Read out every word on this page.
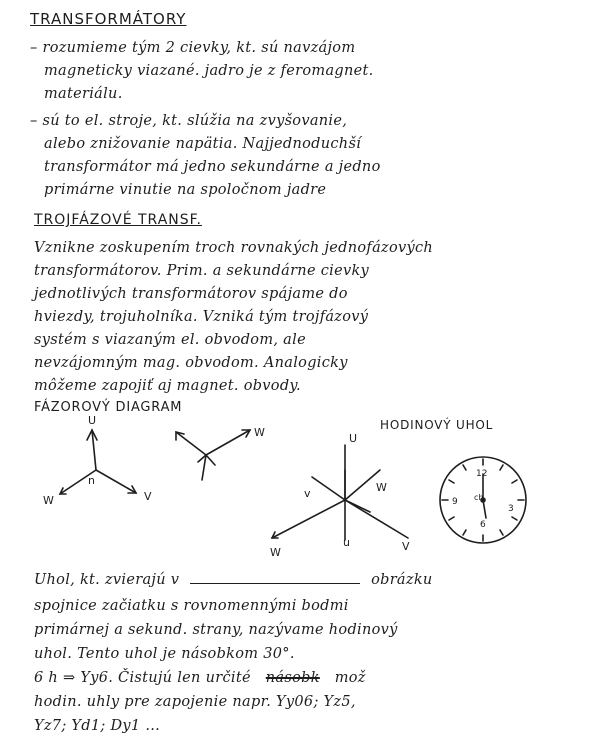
TRANSFORMÁTORY
– rozumieme tým 2 cievky, kt. sú navzájom
magneticky viazané. jadro je z feromagnet.
materiálu.
– sú to el. stroje, kt. slúžia na zvyšovanie,
alebo znižovanie napätia. Najjednoduchší
transformátor má jedno sekundárne a jedno
primárne vinutie na spoločnom jadre
TROJFÁZOVÉ TRANSF.
Vznikne zoskupením troch rovnakých jednofázových
transformátorov. Prim. a sekundárne cievky
jednotlivých transformátorov spájame do
hviezdy, trojuholníka. Vzniká tým trojfázový
systém s viazaným el. obvodom, ale
nevzájomným mag. obvodom. Analogicky
môžeme zapojiť aj magnet. obvody.
FÁZOROVÝ DIAGRAM
HODINOVÝ UHOL
U
W	V
n
W	U
W
v
u	V
W
12
9
3
6
ch
Uhol, kt. zvierajú v	obrázku
spojnice začiatku s rovnomennými bodmi
primárnej a sekund. strany, nazývame hodinový
uhol. Tento uhol je násobkom 30°.
6 h ⇒ Yy6. Čistujú len určité násobk mož
hodin. uhly pre zapojenie napr. Yy06; Yz5,
Yz7; Yd1; Dy1 ...
